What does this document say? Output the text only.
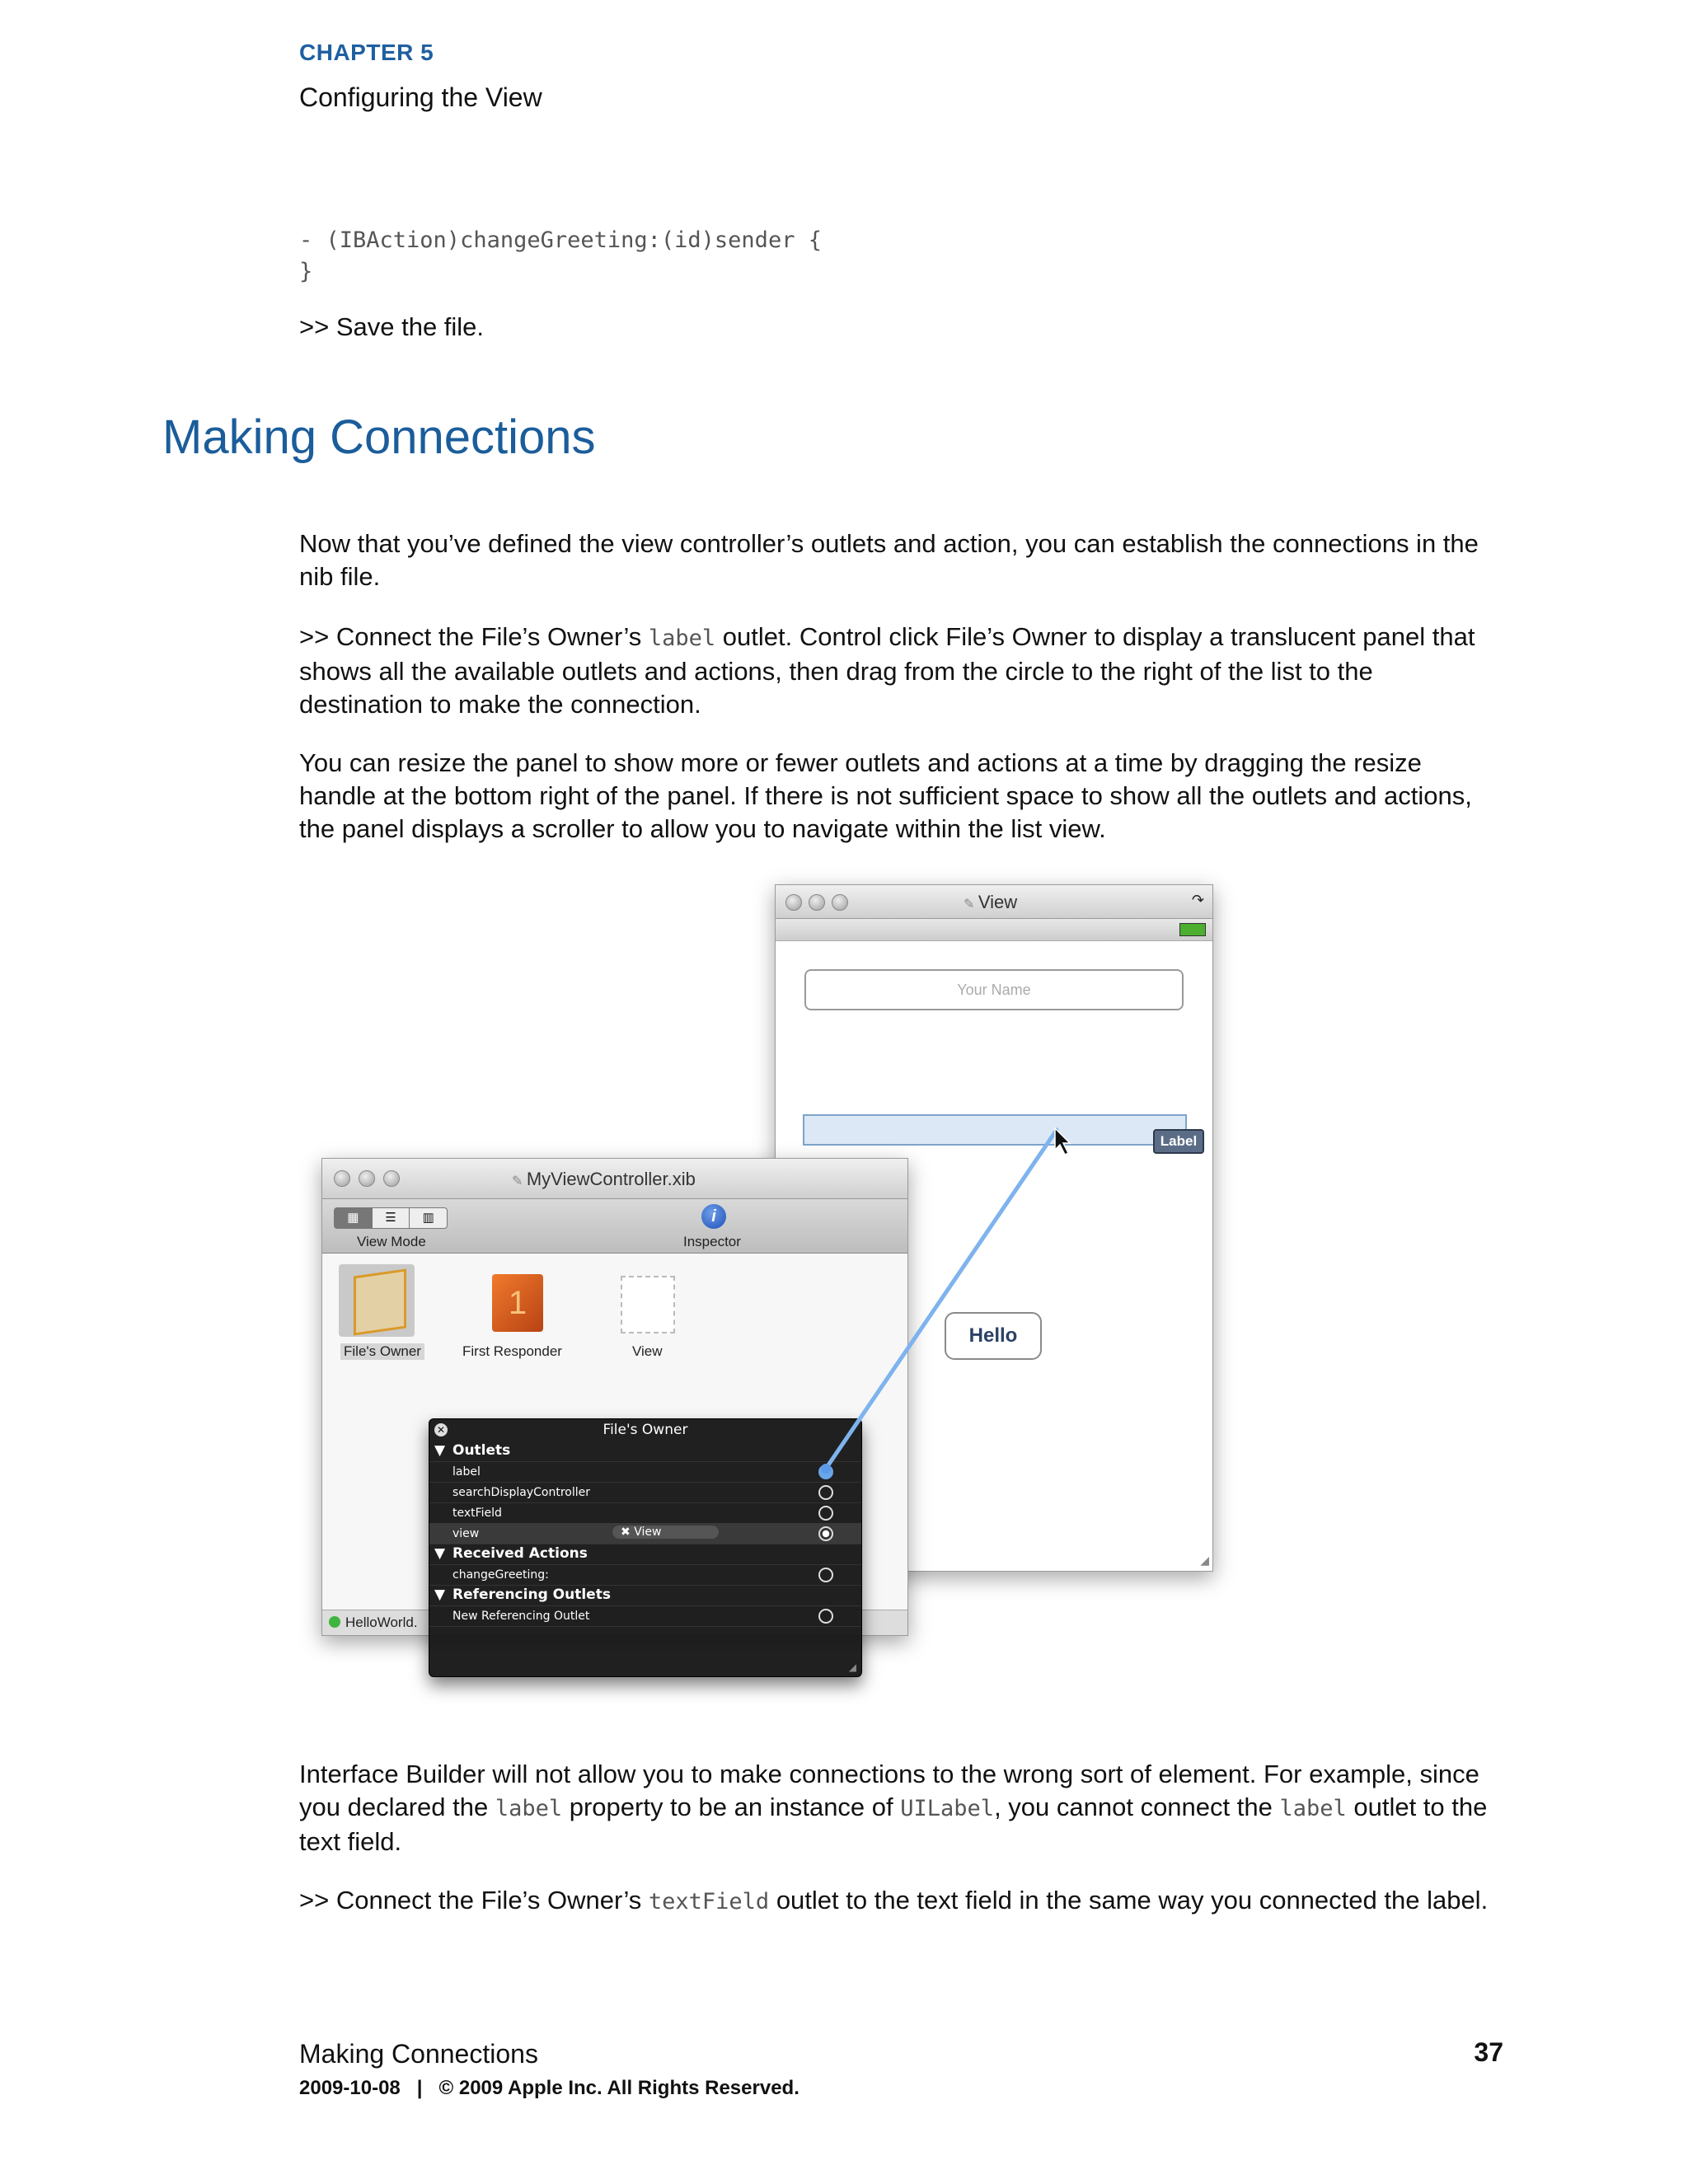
CHAPTER 5
Configuring the View
- (IBAction)changeGreeting:(id)sender {
}
>> Save the file.
Making Connections

Now that you’ve defined the view controller’s outlets and action, you can establish the connections in the nib file.

>> Connect the File’s Owner’s label outlet. Control click File’s Owner to display a translucent panel that shows all the available outlets and actions, then drag from the circle to the right of the list to the destination to make the connection.

You can resize the panel to show more or fewer outlets and actions at a time by dragging the resize handle at the bottom right of the panel. If there is not sufficient space to show all the outlets and actions, the panel displays a scroller to allow you to navigate within the list view.

✎ View	↷
Your Name
Label
Hello
◢
✎ MyViewController.xib
▦	☰	▥
View Mode
i
Inspector
File's Owner
1
First Responder	View
HelloWorld.
✕	File's Owner
▼ Outlets
label
searchDisplayController
textField
view	✖ View
▼ Received Actions
changeGreeting:
▼ Referencing Outlets
New Referencing Outlet
◢

Interface Builder will not allow you to make connections to the wrong sort of element. For example, since you declared the label property to be an instance of UILabel, you cannot connect the label outlet to the text field.

>> Connect the File’s Owner’s textField outlet to the text field in the same way you connected the label.

Making Connections	37
2009-10-08   |   © 2009 Apple Inc. All Rights Reserved.
